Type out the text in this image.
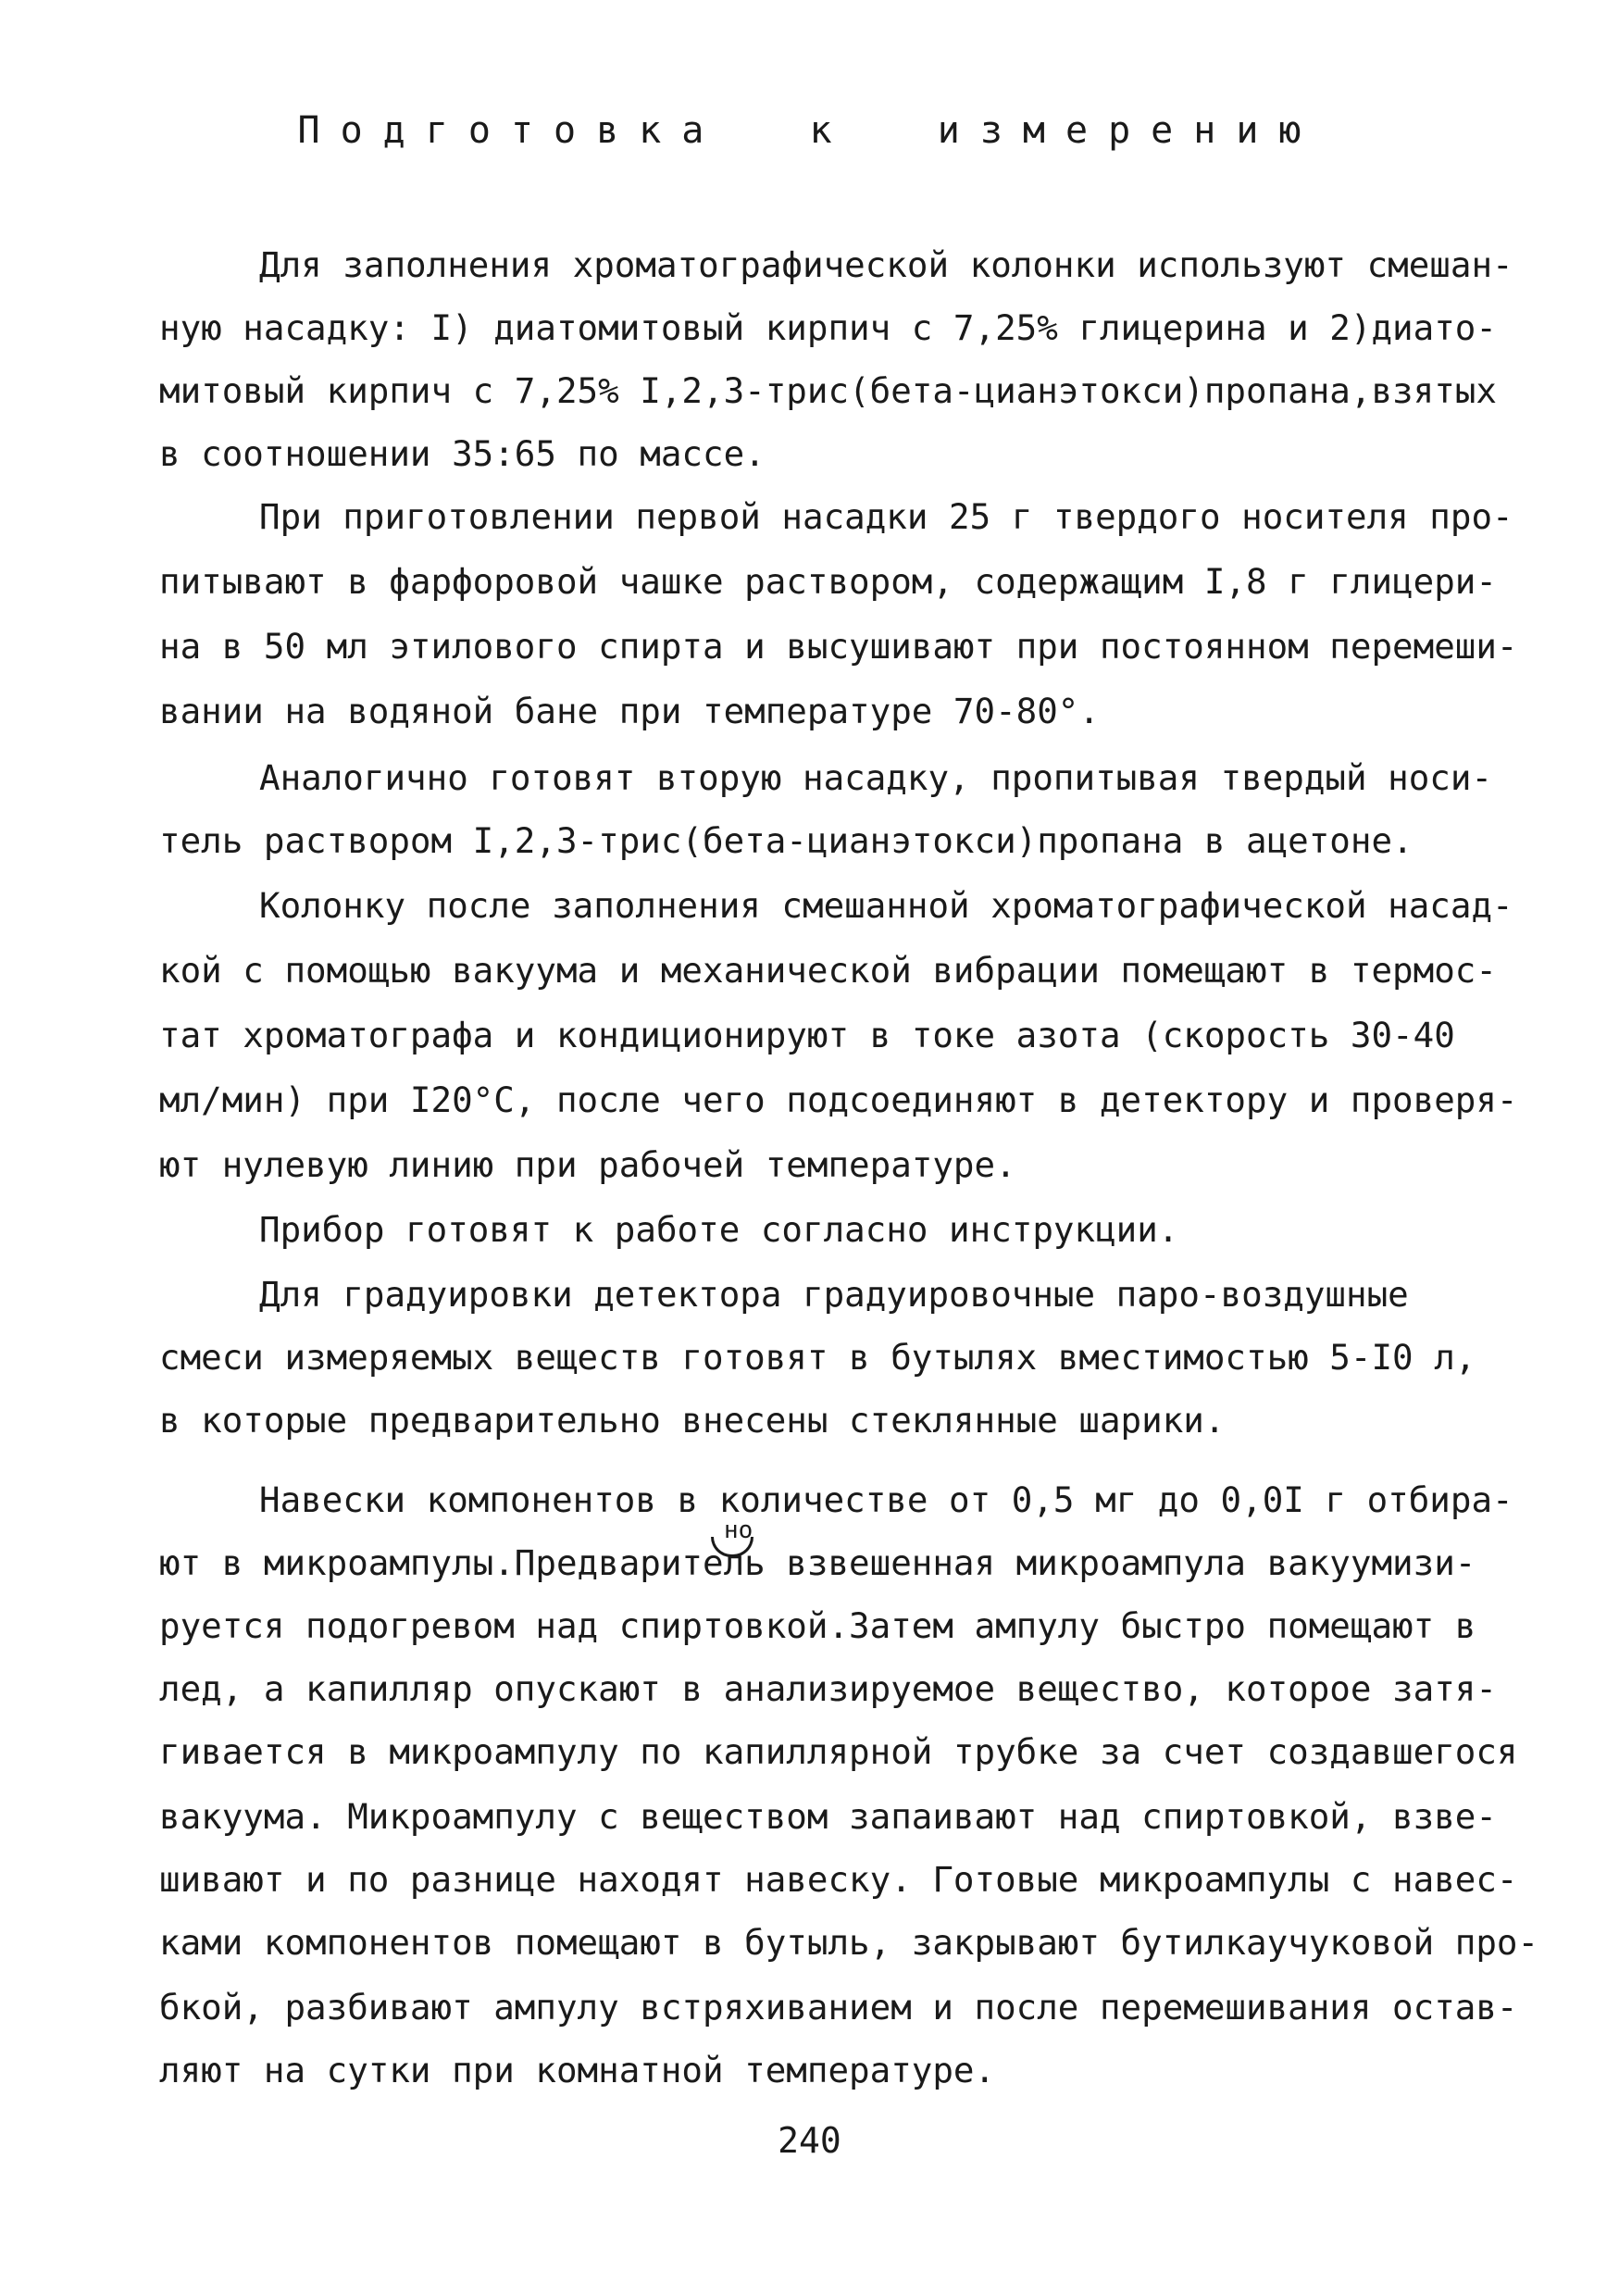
Подготовка  к  измерению
Для заполнения хроматографической колонки используют смешан-
ную насадку: I) диатомитовый кирпич с 7,25% глицерина и 2)диато-
митовый кирпич с 7,25% I,2,3-трис(бета-цианэтокси)пропана,взятых
в соотношении 35:65 по массе.
При приготовлении первой насадки 25 г твердого носителя про-
питывают в фарфоровой чашке раствором, содержащим I,8 г глицери-
на в 50 мл этилового спирта и высушивают при постоянном перемеши-
вании на водяной бане при температуре 70-80°.
Аналогично готовят вторую насадку, пропитывая твердый носи-
тель раствором I,2,3-трис(бета-цианэтокси)пропана в ацетоне.
Колонку после заполнения смешанной хроматографической насад-
кой с помощью вакуума и механической вибрации помещают в термос-
тат хроматографа и кондиционируют в токе азота (скорость 30-40
мл/мин) при I20°С, после чего подсоединяют в детектору и проверя-
ют нулевую линию при рабочей температуре.
Прибор готовят к работе согласно инструкции.
Для градуировки детектора градуировочные паро-воздушные
смеси измеряемых веществ готовят в бутылях вместимостью 5-I0 л,
в которые предварительно внесены стеклянные шарики.
Навески компонентов в количестве от 0,5 мг до 0,0I г отбира-
но
ют в микроампулы.Предваритель взвешенная микроампула вакуумизи-
руется подогревом над спиртовкой.Затем ампулу быстро помещают в
лед, а капилляр опускают в анализируемое вещество, которое затя-
гивается в микроампулу по капиллярной трубке за счет создавшегося
вакуума. Микроампулу с веществом запаивают над спиртовкой, взве-
шивают и по разнице находят навеску. Готовые микроампулы с навес-
ками компонентов помещают в бутыль, закрывают бутилкаучуковой про-
бкой, разбивают ампулу встряхиванием и после перемешивания остав-
ляют на сутки при комнатной температуре.
240
